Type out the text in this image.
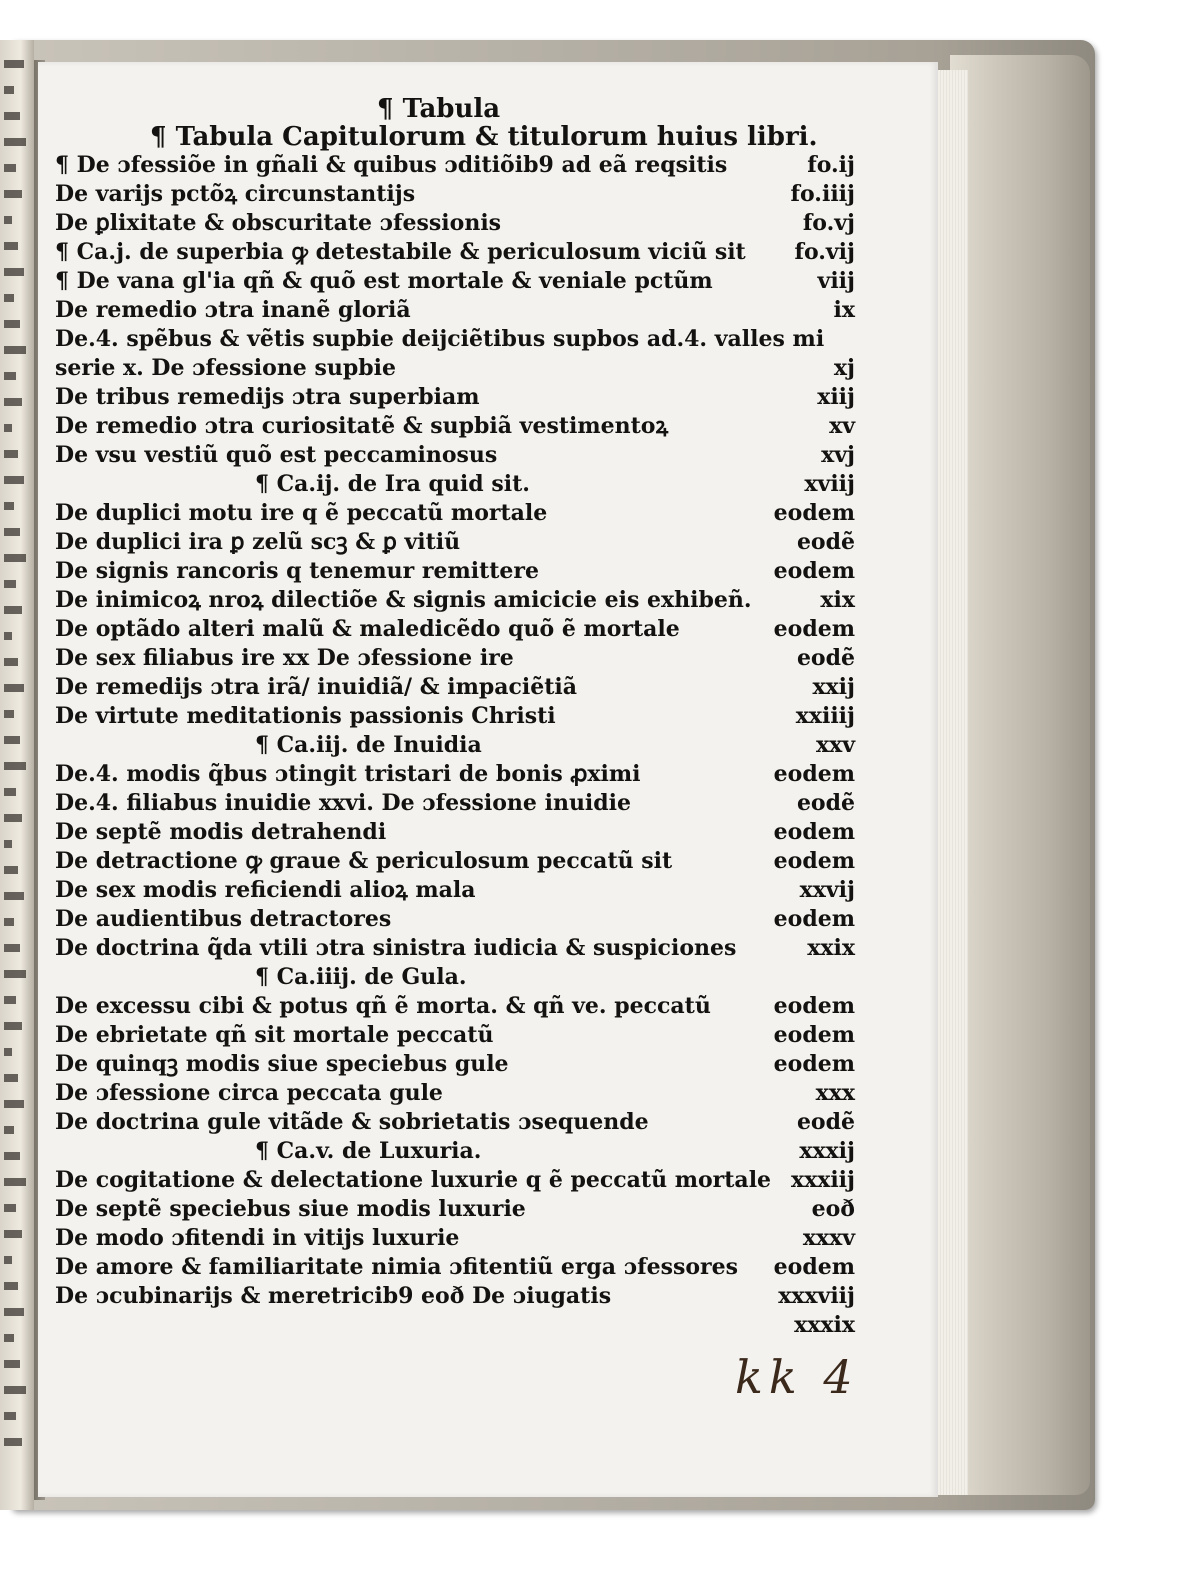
¶ Tabula
¶ Tabula Capitulorum & titulorum huius libri.
¶ De ɔfessiõe in gñali & quibus ɔditiõib9 ad eã reqsitis	fo.ij
De varijs pctõꝝ circunstantijs	fo.iiij
De ꝑlixitate & obscuritate ɔfessionis	fo.vj
¶ Ca.j. de superbia ꝙ detestabile & periculosum viciũ sit fo.vij
¶ De vana gl'ia qñ & quõ est mortale & veniale pctũm	viij
De remedio ɔtra inanẽ gloriã	ix
De.4. spẽbus & vẽtis supbie deijciẽtibus supbos ad.4. valles mi
serie x. De ɔfessione supbie	xj
De tribus remedijs ɔtra superbiam	xiij
De remedio ɔtra curiositatẽ & supbiã vestimentoꝝ	xv
De vsu vestiũ quõ est peccaminosus	xvj
¶ Ca.ij. de Ira quid sit.	xviij
De duplici motu ire q ẽ peccatũ mortale	eodem
De duplici ira ꝑ zelũ scꝫ & ꝑ vitiũ	eodẽ
De signis rancoris q tenemur remittere	eodem
De inimicoꝝ nroꝝ dilectiõe & signis amicicie eis exhibeñ.	xix
De optãdo alteri malũ & maledicẽdo quõ ẽ mortale	eodem
De sex filiabus ire xx De ɔfessione ire	eodẽ
De remedijs ɔtra irã/ inuidiã/ & impaciẽtiã	xxij
De virtute meditationis passionis Christi	xxiiij
¶ Ca.iij. de Inuidia	xxv
De.4. modis q̃bus ɔtingit tristari de bonis ꝓximi	eodem
De.4. filiabus inuidie xxvi. De ɔfessione inuidie	eodẽ
De septẽ modis detrahendi	eodem
De detractione ꝙ graue & periculosum peccatũ sit	eodem
De sex modis reficiendi alioꝝ mala	xxvij
De audientibus detractores	eodem
De doctrina q̃da vtili ɔtra sinistra iudicia & suspiciones	xxix
¶ Ca.iiij. de Gula.
De excessu cibi & potus qñ ẽ morta. & qñ ve. peccatũ	eodem
De ebrietate qñ sit mortale peccatũ	eodem
De quinqꝫ modis siue speciebus gule	eodem
De ɔfessione circa peccata gule	xxx
De doctrina gule vitãde & sobrietatis ɔsequende	eodẽ
¶ Ca.v. de Luxuria.	xxxij
De cogitatione & delectatione luxurie q ẽ peccatũ mortale xxxiij
De septẽ speciebus siue modis luxurie	eoð
De modo ɔfitendi in vitijs luxurie	xxxv
De amore & familiaritate nimia ɔfitentiũ erga ɔfessores eodem
De ɔcubinarijs & meretricib9 eoð De ɔiugatis	xxxviij
xxxix
kk 4
